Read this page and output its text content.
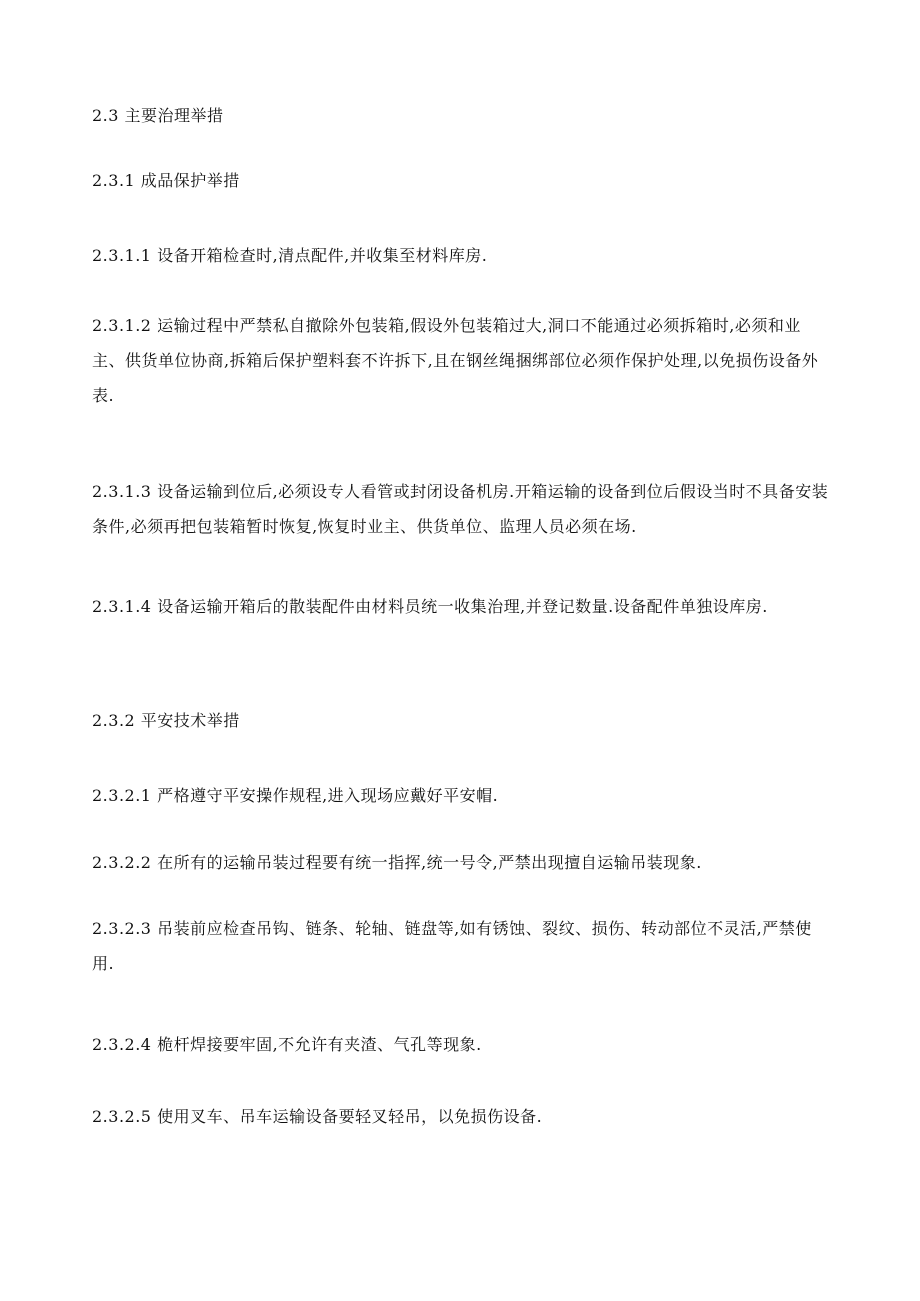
2.3 主要治理举措

2.3.1 成品保护举措

2.3.1.1 设备开箱检查时,清点配件,并收集至材料库房.

2.3.1.2 运输过程中严禁私自撤除外包装箱,假设外包装箱过大,洞口不能通过必须拆箱时,必须和业主、供货单位协商,拆箱后保护塑料套不许拆下,且在钢丝绳捆绑部位必须作保护处理,以免损伤设备外表.

2.3.1.3 设备运输到位后,必须设专人看管或封闭设备机房.开箱运输的设备到位后假设当时不具备安装条件,必须再把包装箱暂时恢复,恢复时业主、供货单位、监理人员必须在场.

2.3.1.4 设备运输开箱后的散装配件由材料员统一收集治理,并登记数量.设备配件单独设库房.

2.3.2 平安技术举措

2.3.2.1 严格遵守平安操作规程,进入现场应戴好平安帽.

2.3.2.2 在所有的运输吊装过程要有统一指挥,统一号令,严禁出现擅自运输吊装现象.

2.3.2.3 吊装前应检查吊钩、链条、轮轴、链盘等,如有锈蚀、裂纹、损伤、转动部位不灵活,严禁使用.

2.3.2.4 桅杆焊接要牢固,不允许有夹渣、气孔等现象.

2.3.2.5 使用叉车、吊车运输设备要轻叉轻吊，以免损伤设备.
